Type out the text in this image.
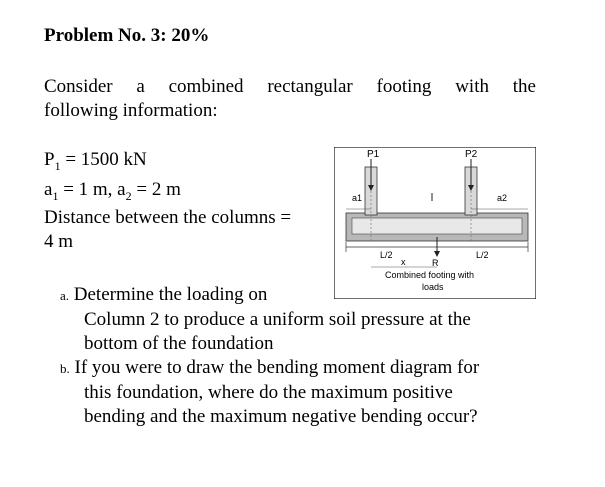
Problem No. 3: 20%
Consider a combined rectangular footing with the
following information:
$P_1 = 1500$ kN
$a_1 = 1$ m, $a_2 = 2$ m
Distance between the columns =
4 m
P1	P2
a1	a2
L/2	L/2
R
x
Combined footing with
loads
a. Determine the loading on
Column 2 to produce a uniform soil pressure at the
bottom of the foundation
b. If you were to draw the bending moment diagram for
this foundation, where do the maximum positive
bending and the maximum negative bending occur?
